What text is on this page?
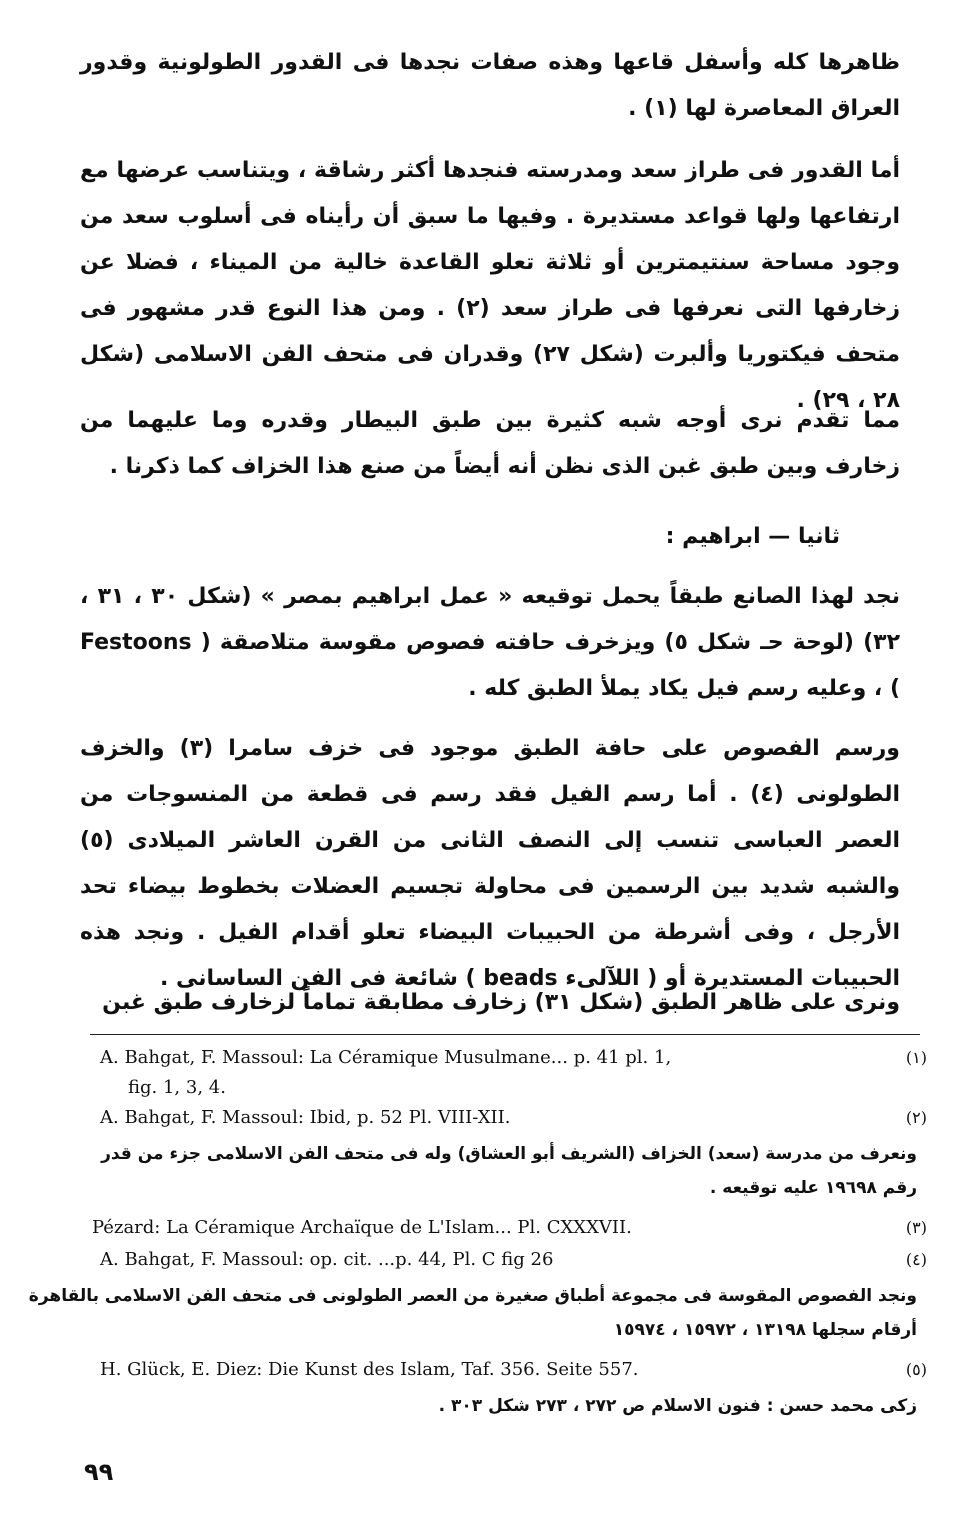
ظاهرها كله وأسفل قاعها وهذه صفات نجدها فى القدور الطولونية وقدور العراق المعاصرة لها (١) .
أما القدور فى طراز سعد ومدرسته فنجدها أكثر رشاقة ، ويتناسب عرضها مع ارتفاعها ولها قواعد مستديرة . وفيها ما سبق أن رأيناه فى أسلوب سعد من وجود مساحة سنتيمترين أو ثلاثة تعلو القاعدة خالية من الميناء ، فضلا عن زخارفها التى نعرفها فى طراز سعد (٢) . ومن هذا النوع قدر مشهور فى متحف فيكتوريا وألبرت (شكل ٢٧) وقدران فى متحف الفن الاسلامى (شكل ٢٨ ، ٢٩) .
مما تقدم نرى أوجه شبه كثيرة بين طبق البيطار وقدره وما عليهما من زخارف وبين طبق غبن الذى نظن أنه أيضاً من صنع هذا الخزاف كما ذكرنا .
ثانيا — ابراهيم :
نجد لهذا الصانع طبقاً يحمل توقيعه « عمل ابراهيم بمصر » (شكل ٣٠ ، ٣١ ، ٣٢) (لوحة حـ شكل ٥) ويزخرف حافته فصوص مقوسة متلاصقة ( Festoons ) ، وعليه رسم فيل يكاد يملأ الطبق كله .
ورسم الفصوص على حافة الطبق موجود فى خزف سامرا (٣) والخزف الطولونى (٤) . أما رسم الفيل فقد رسم فى قطعة من المنسوجات من العصر العباسى تنسب إلى النصف الثانى من القرن العاشر الميلادى (٥) والشبه شديد بين الرسمين فى محاولة تجسيم العضلات بخطوط بيضاء تحد الأرجل ، وفى أشرطة من الحبيبات البيضاء تعلو أقدام الفيل . ونجد هذه الحبيبات المستديرة أو ( اللآلىء beads ) شائعة فى الفن الساسانى .
ونرى على ظاهر الطبق (شكل ٣١) زخارف مطابقة تماماً لزخارف طبق غبن
A. Bahgat, F. Massoul: La Céramique Musulmane... p. 41 pl. 1,	(١)
fig. 1, 3, 4.
A. Bahgat, F. Massoul: Ibid, p. 52 Pl. VIII-XII.	(٢)
ونعرف من مدرسة (سعد) الخزاف (الشريف أبو العشاق) وله فى متحف الفن الاسلامى جزء من قدر
رقم ١٩٦٩٨ عليه توقيعه .
Pézard: La Céramique Archaïque de L'Islam... Pl. CXXXVII.	(٣)
A. Bahgat, F. Massoul: op. cit. ...p. 44, Pl. C fig 26	(٤)
ونجد الفصوص المقوسة فى مجموعة أطباق صغيرة من العصر الطولونى فى متحف الفن الاسلامى بالقاهرة
أرقام سجلها ١٣١٩٨ ، ١٥٩٧٢ ، ١٥٩٧٤
H. Glück, E. Diez: Die Kunst des Islam, Taf. 356. Seite 557.	(٥)
زكى محمد حسن : فنون الاسلام ص ٢٧٢ ، ٢٧٣ شكل ٣٠٣ .
٩٩
